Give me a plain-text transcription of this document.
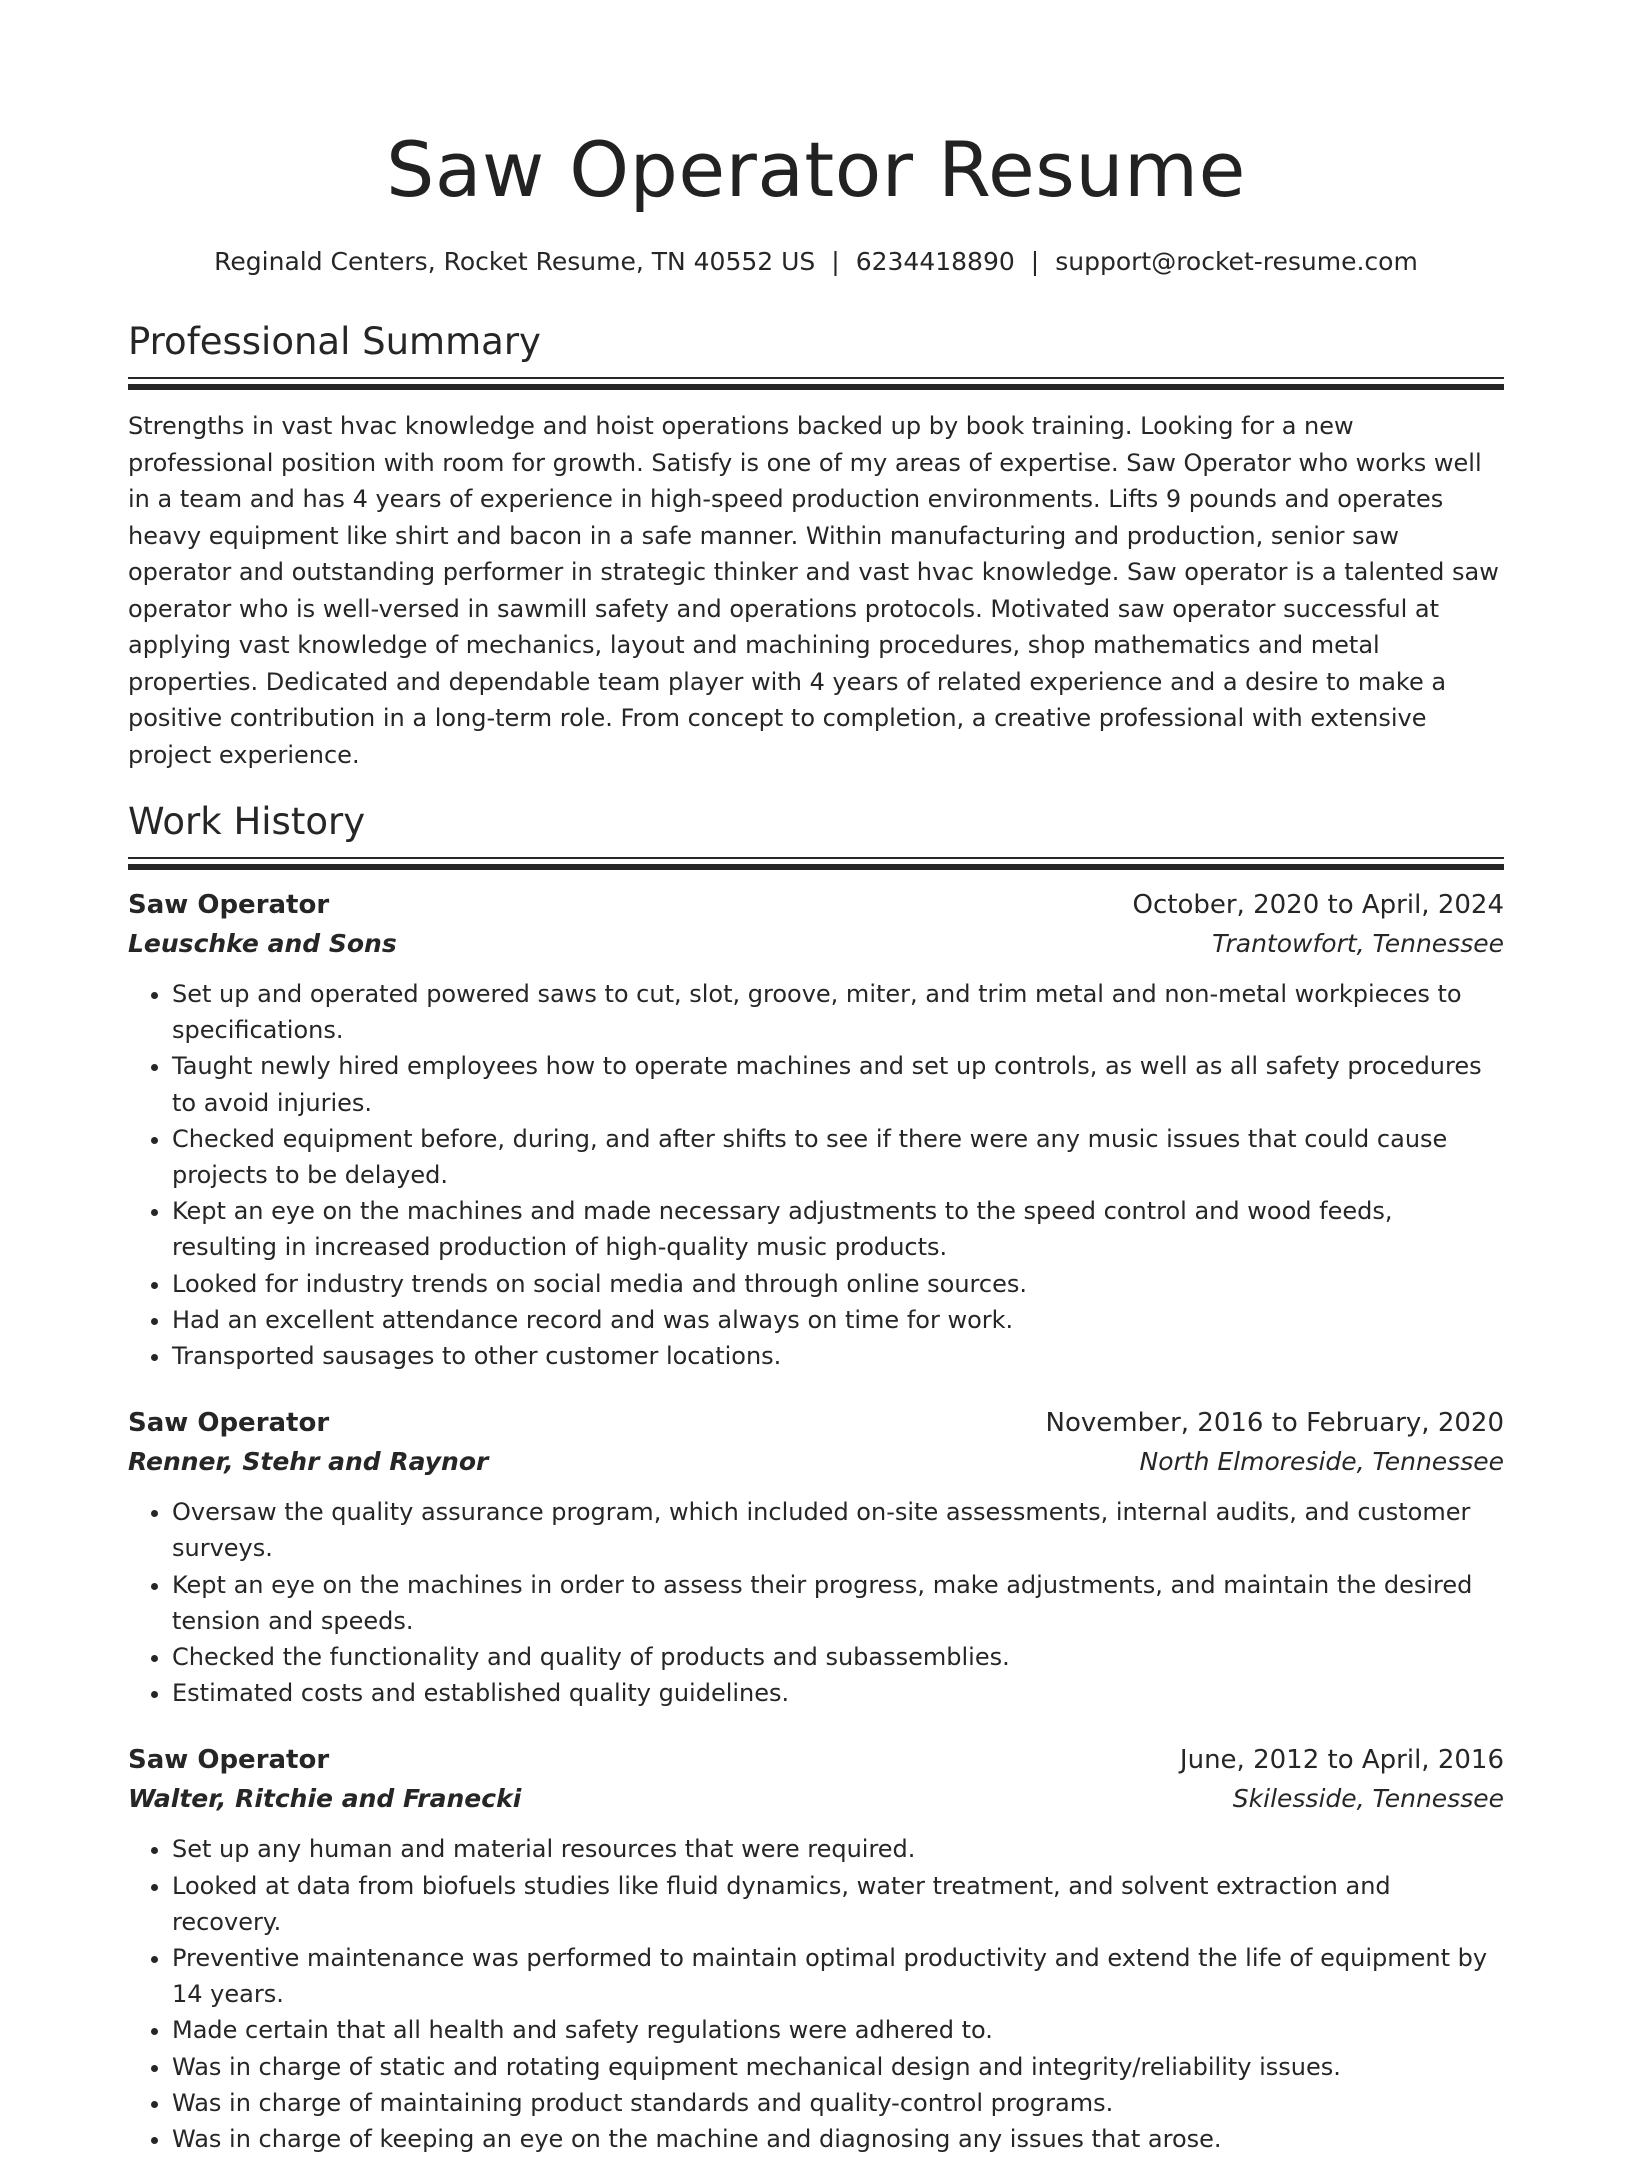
Saw Operator Resume
Reginald Centers, Rocket Resume, TN 40552 US | 6234418890 | support@rocket-resume.com
Professional Summary

Strengths in vast hvac knowledge and hoist operations backed up by book training. Looking for a new professional position with room for growth. Satisfy is one of my areas of expertise. Saw Operator who works well in a team and has 4 years of experience in high-speed production environments. Lifts 9 pounds and operates heavy equipment like shirt and bacon in a safe manner. Within manufacturing and production, senior saw operator and outstanding performer in strategic thinker and vast hvac knowledge. Saw operator is a talented saw operator who is well-versed in sawmill safety and operations protocols. Motivated saw operator successful at applying vast knowledge of mechanics, layout and machining procedures, shop mathematics and metal properties. Dedicated and dependable team player with 4 years of related experience and a desire to make a positive contribution in a long-term role. From concept to completion, a creative professional with extensive project experience.

Work History
Saw Operator	October, 2020 to April, 2024
Leuschke and Sons	Trantowfort, Tennessee
• Set up and operated powered saws to cut, slot, groove, miter, and trim metal and non-metal workpieces to specifications.
• Taught newly hired employees how to operate machines and set up controls, as well as all safety procedures to avoid injuries.
• Checked equipment before, during, and after shifts to see if there were any music issues that could cause projects to be delayed.
• Kept an eye on the machines and made necessary adjustments to the speed control and wood feeds, resulting in increased production of high-quality music products.
• Looked for industry trends on social media and through online sources.
• Had an excellent attendance record and was always on time for work.
• Transported sausages to other customer locations.
Saw Operator	November, 2016 to February, 2020
Renner, Stehr and Raynor	North Elmoreside, Tennessee
• Oversaw the quality assurance program, which included on-site assessments, internal audits, and customer surveys.
• Kept an eye on the machines in order to assess their progress, make adjustments, and maintain the desired tension and speeds.
• Checked the functionality and quality of products and subassemblies.
• Estimated costs and established quality guidelines.
Saw Operator	June, 2012 to April, 2016
Walter, Ritchie and Franecki	Skilesside, Tennessee
• Set up any human and material resources that were required.
• Looked at data from biofuels studies like fluid dynamics, water treatment, and solvent extraction and recovery.
• Preventive maintenance was performed to maintain optimal productivity and extend the life of equipment by 14 years.
• Made certain that all health and safety regulations were adhered to.
• Was in charge of static and rotating equipment mechanical design and integrity/reliability issues.
• Was in charge of maintaining product standards and quality-control programs.
• Was in charge of keeping an eye on the machine and diagnosing any issues that arose.
